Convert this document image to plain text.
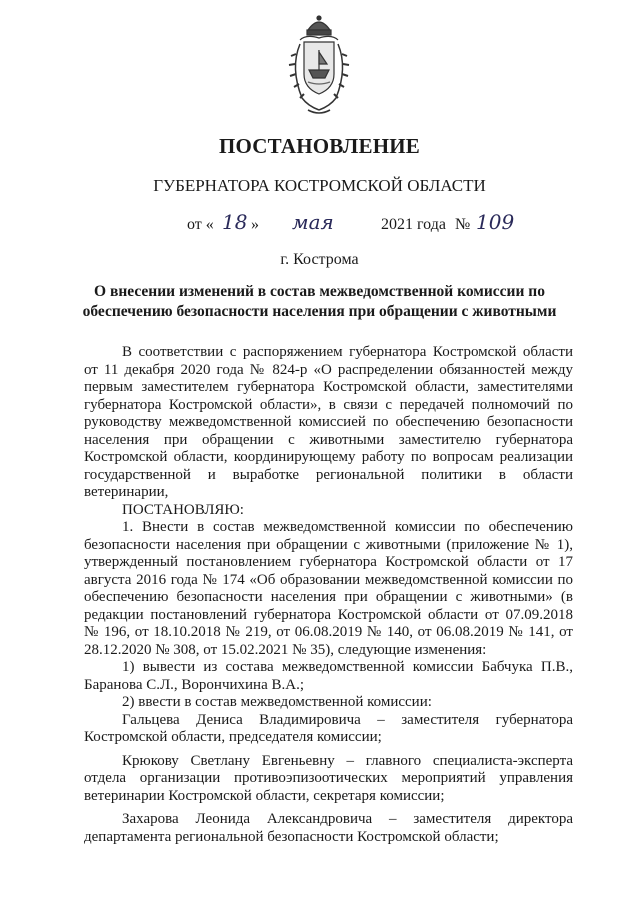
ПОСТАНОВЛЕНИЕ
ГУБЕРНАТОРА КОСТРОМСКОЙ ОБЛАСТИ
от « 18 » мая	2021 года № 109
г. Кострома
О внесении изменений в состав межведомственной комиссии по
обеспечению безопасности населения при обращении с животными

В соответствии с распоряжением губернатора Костромской области от 11 декабря 2020 года № 824-р «О распределении обязанностей между первым заместителем губернатора Костромской области, заместителями губернатора Костромской области», в связи с передачей полномочий по руководству межведомственной комиссией по обеспечению безопасности населения при обращении с животными заместителю губернатора Костромской области, координирующему работу по вопросам реализации государственной и выработке региональной политики в области ветеринарии,

ПОСТАНОВЛЯЮ:

1. Внести в состав межведомственной комиссии по обеспечению безопасности населения при обращении с животными (приложение № 1), утвержденный постановлением губернатора Костромской области от 17 августа 2016 года № 174 «Об образовании межведомственной комиссии по обеспечению безопасности населения при обращении с животными» (в редакции постановлений губернатора Костромской области от 07.09.2018 № 196, от 18.10.2018 № 219, от 06.08.2019 № 140, от 06.08.2019 № 141, от 28.12.2020 № 308, от 15.02.2021 № 35), следующие изменения:

1) вывести из состава межведомственной комиссии Бабчука П.В., Баранова С.Л., Ворончихина В.А.;

2) ввести в состав межведомственной комиссии:

Гальцева Дениса Владимировича – заместителя губернатора Костромской области, председателя комиссии;

Крюкову Светлану Евгеньевну – главного специалиста-эксперта отдела организации противоэпизоотических мероприятий управления ветеринарии Костромской области, секретаря комиссии;

Захарова Леонида Александровича – заместителя директора департамента региональной безопасности Костромской области;
